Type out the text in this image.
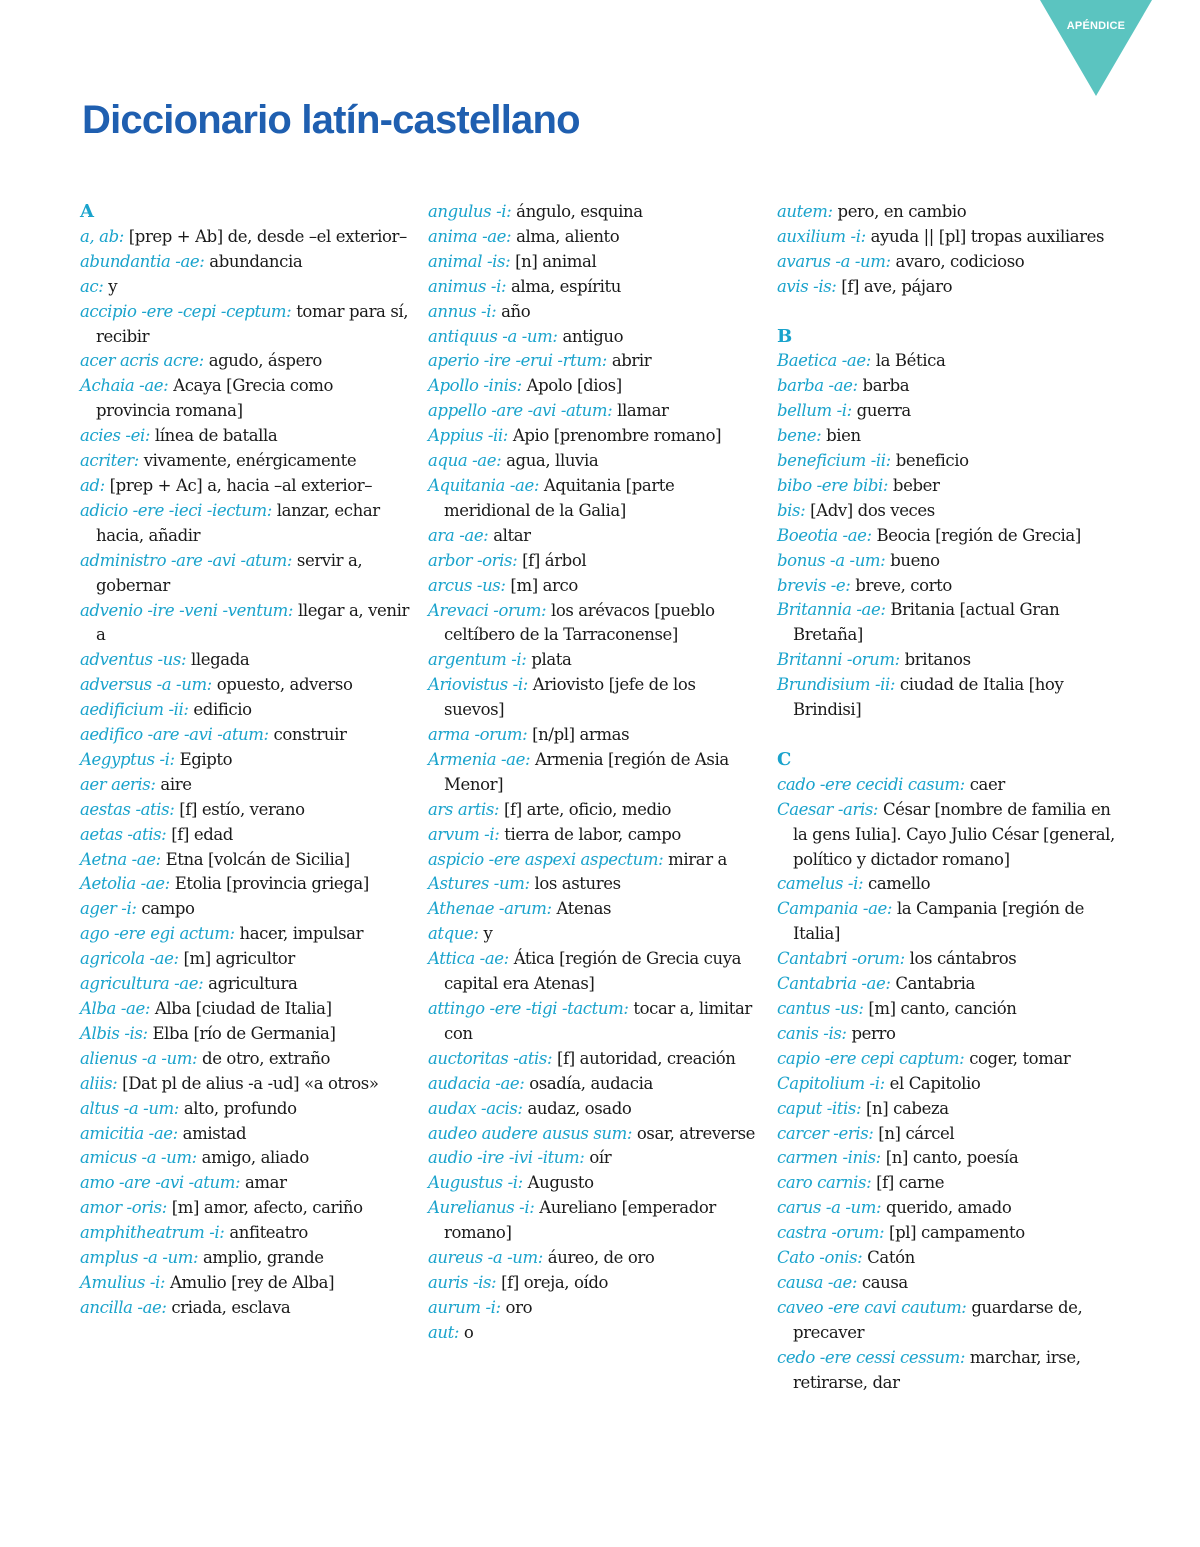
APÉNDICE
Diccionario latín-castellano
A

a, ab: [prep + Ab] de, desde –el exterior–

abundantia -ae: abundancia

ac: y

accipio -ere -cepi -ceptum: tomar para sí, recibir

acer acris acre: agudo, áspero

Achaia -ae: Acaya [Grecia como provincia romana]

acies -ei: línea de batalla

acriter: vivamente, enérgicamente

ad: [prep + Ac] a, hacia –al exterior–

adicio -ere -ieci -iectum: lanzar, echar hacia, añadir

administro -are -avi -atum: servir a, gobernar

advenio -ire -veni -ventum: llegar a, venir a

adventus -us: llegada

adversus -a -um: opuesto, adverso

aedificium -ii: edificio

aedifico -are -avi -atum: construir

Aegyptus -i: Egipto

aer aeris: aire

aestas -atis: [f] estío, verano

aetas -atis: [f] edad

Aetna -ae: Etna [volcán de Sicilia]

Aetolia -ae: Etolia [provincia griega]

ager -i: campo

ago -ere egi actum: hacer, impulsar

agricola -ae: [m] agricultor

agricultura -ae: agricultura

Alba -ae: Alba [ciudad de Italia]

Albis -is: Elba [río de Germania]

alienus -a -um: de otro, extraño

aliis: [Dat pl de alius -a -ud] «a otros»

altus -a -um: alto, profundo

amicitia -ae: amistad

amicus -a -um: amigo, aliado

amo -are -avi -atum: amar

amor -oris: [m] amor, afecto, cariño

amphitheatrum -i: anfiteatro

amplus -a -um: amplio, grande

Amulius -i: Amulio [rey de Alba]

ancilla -ae: criada, esclava

angulus -i: ángulo, esquina

anima -ae: alma, aliento

animal -is: [n] animal

animus -i: alma, espíritu

annus -i: año

antiquus -a -um: antiguo

aperio -ire -erui -rtum: abrir

Apollo -inis: Apolo [dios]

appello -are -avi -atum: llamar

Appius -ii: Apio [prenombre romano]

aqua -ae: agua, lluvia

Aquitania -ae: Aquitania [parte meridional de la Galia]

ara -ae: altar

arbor -oris: [f] árbol

arcus -us: [m] arco

Arevaci -orum: los arévacos [pueblo celtíbero de la Tarraconense]

argentum -i: plata

Ariovistus -i: Ariovisto [jefe de los suevos]

arma -orum: [n/pl] armas

Armenia -ae: Armenia [región de Asia Menor]

ars artis: [f] arte, oficio, medio

arvum -i: tierra de labor, campo

aspicio -ere aspexi aspectum: mirar a

Astures -um: los astures

Athenae -arum: Atenas

atque: y

Attica -ae: Ática [región de Grecia cuya capital era Atenas]

attingo -ere -tigi -tactum: tocar a, limitar con

auctoritas -atis: [f] autoridad, creación

audacia -ae: osadía, audacia

audax -acis: audaz, osado

audeo audere ausus sum: osar, atreverse

audio -ire -ivi -itum: oír

Augustus -i: Augusto

Aurelianus -i: Aureliano [emperador romano]

aureus -a -um: áureo, de oro

auris -is: [f] oreja, oído

aurum -i: oro

aut: o

autem: pero, en cambio

auxilium -i: ayuda || [pl] tropas auxiliares

avarus -a -um: avaro, codicioso

avis -is: [f] ave, pájaro

B

Baetica -ae: la Bética

barba -ae: barba

bellum -i: guerra

bene: bien

beneficium -ii: beneficio

bibo -ere bibi: beber

bis: [Adv] dos veces

Boeotia -ae: Beocia [región de Grecia]

bonus -a -um: bueno

brevis -e: breve, corto

Britannia -ae: Britania [actual Gran Bretaña]

Britanni -orum: britanos

Brundisium -ii: ciudad de Italia [hoy Brindisi]

C

cado -ere cecidi casum: caer

Caesar -aris: César [nombre de familia en la gens Iulia]. Cayo Julio César [general, político y dictador romano]

camelus -i: camello

Campania -ae: la Campania [región de Italia]

Cantabri -orum: los cántabros

Cantabria -ae: Cantabria

cantus -us: [m] canto, canción

canis -is: perro

capio -ere cepi captum: coger, tomar

Capitolium -i: el Capitolio

caput -itis: [n] cabeza

carcer -eris: [n] cárcel

carmen -inis: [n] canto, poesía

caro carnis: [f] carne

carus -a -um: querido, amado

castra -orum: [pl] campamento

Cato -onis: Catón

causa -ae: causa

caveo -ere cavi cautum: guardarse de, precaver

cedo -ere cessi cessum: marchar, irse, retirarse, dar
